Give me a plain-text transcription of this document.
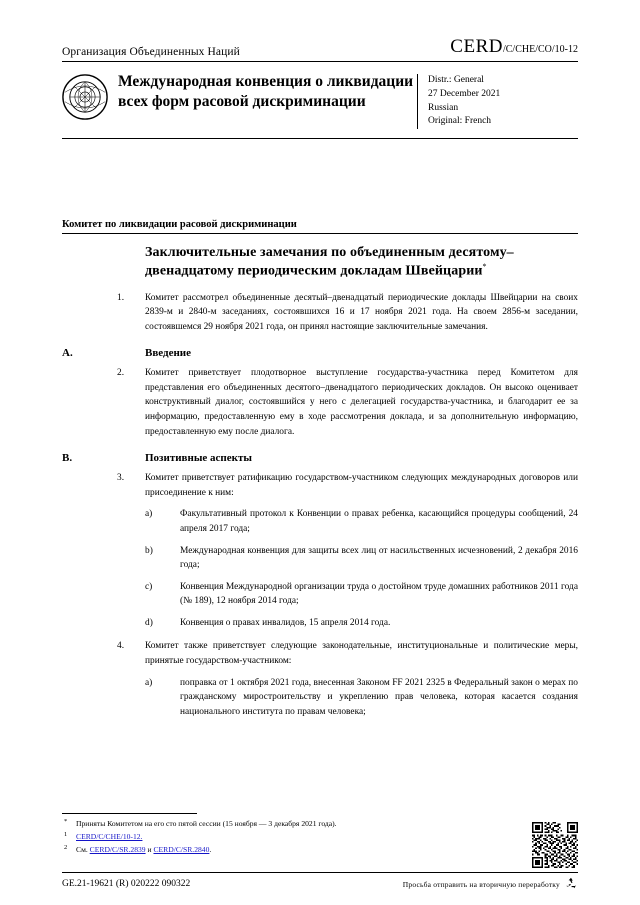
Организация Объединенных Наций	CERD/C/CHE/CO/10-12
Международная конвенция о ликвидации всех форм расовой дискриминации
Distr.: General
27 December 2021
Russian
Original: French
Комитет по ликвидации расовой дискриминации
Заключительные замечания по объединенным десятому–двенадцатому периодическим докладам Швейцарии*

1. Комитет рассмотрел объединенные десятый–двенадцатый периодические доклады Швейцарии на своих 2839-м и 2840-м заседаниях, состоявшихся 16 и 17 ноября 2021 года. На своем 2856-м заседании, состоявшемся 29 ноября 2021 года, он принял настоящие заключительные замечания.

A.	Введение

2. Комитет приветствует плодотворное выступление государства-участника перед Комитетом для представления его объединенных десятого–двенадцатого периодических докладов. Он высоко оценивает конструктивный диалог, состоявшийся у него с делегацией государства-участника, и благодарит ее за информацию, предоставленную ему в ходе рассмотрения доклада, и за дополнительную информацию, предоставленную ему после диалога.

B.	Позитивные аспекты

3. Комитет приветствует ратификацию государством-участником следующих международных договоров или присоединение к ним:

a)	Факультативный протокол к Конвенции о правах ребенка, касающийся процедуры сообщений, 24 апреля 2017 года;
b)	Международная конвенция для защиты всех лиц от насильственных исчезновений, 2 декабря 2016 года;
c)	Конвенция Международной организации труда о достойном труде домашних работников 2011 года (№ 189), 12 ноября 2014 года;
d)	Конвенция о правах инвалидов, 15 апреля 2014 года.

4. Комитет также приветствует следующие законодательные, институциональные и политические меры, принятые государством-участником:

a)	поправка от 1 октября 2021 года, внесенная Законом FF 2021 2325 в Федеральный закон о мерах по гражданскому миростроительству и укреплению прав человека, которая касается создания национального института по правам человека;
* Приняты Комитетом на его сто пятой сессии (15 ноября — 3 декабря 2021 года).
1 CERD/C/CHE/10-12.
2 См. CERD/C/SR.2839 и CERD/C/SR.2840.
GE.21-19621 (R) 020222 090322	Просьба отправить на вторичную переработку
